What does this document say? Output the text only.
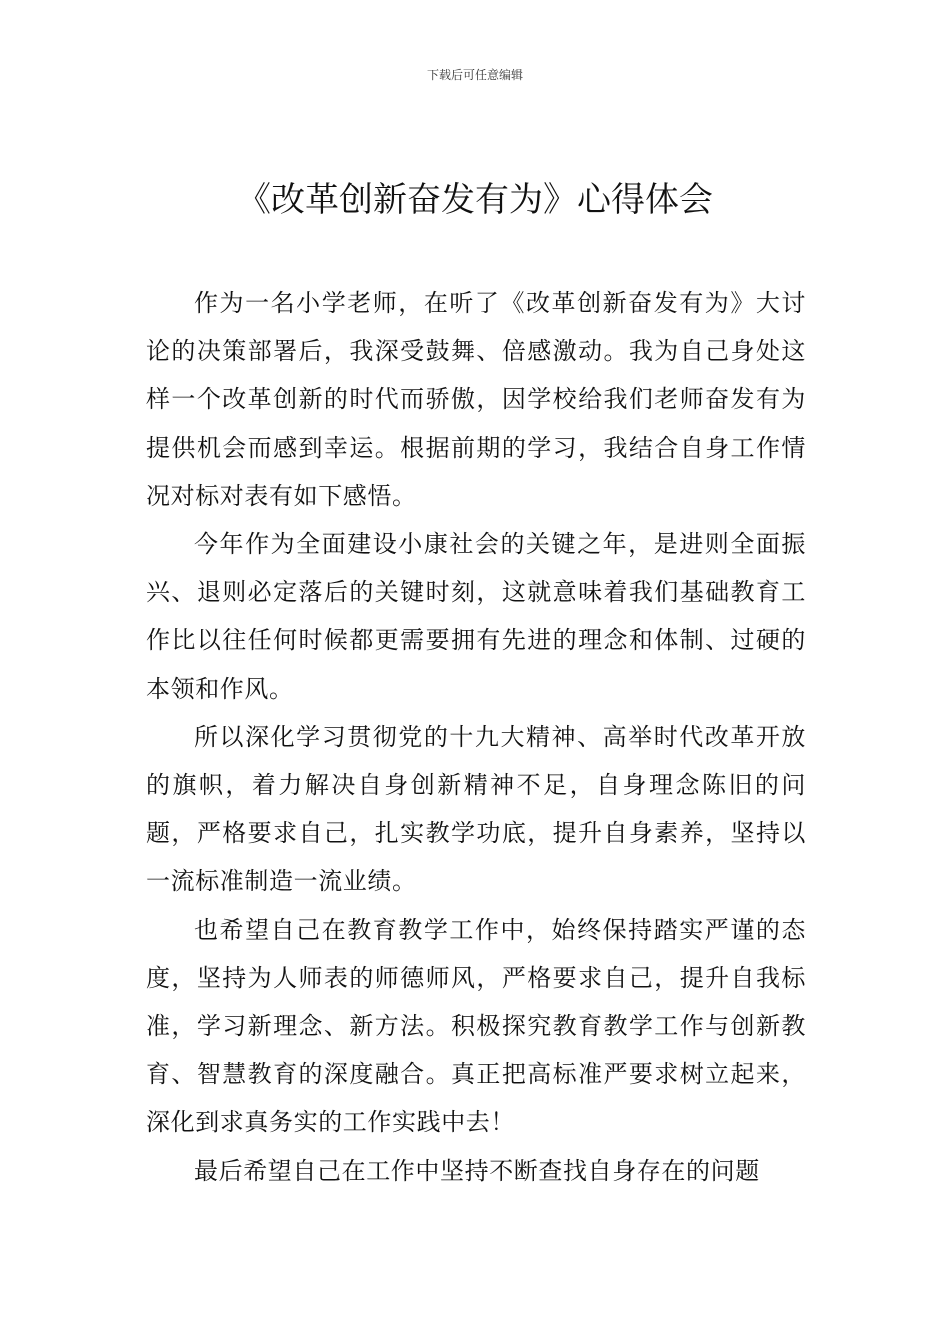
下载后可任意编辑
《改革创新奋发有为》心得体会

作为一名小学老师，在听了《改革创新奋发有为》大讨论的决策部署后，我深受鼓舞、倍感激动。我为自己身处这样一个改革创新的时代而骄傲，因学校给我们老师奋发有为提供机会而感到幸运。根据前期的学习，我结合自身工作情况对标对表有如下感悟。

今年作为全面建设小康社会的关键之年，是进则全面振兴、退则必定落后的关键时刻，这就意味着我们基础教育工作比以往任何时候都更需要拥有先进的理念和体制、过硬的本领和作风。

所以深化学习贯彻党的十九大精神、高举时代改革开放的旗帜，着力解决自身创新精神不足，自身理念陈旧的问题，严格要求自己，扎实教学功底，提升自身素养，坚持以一流标准制造一流业绩。

也希望自己在教育教学工作中，始终保持踏实严谨的态度，坚持为人师表的师德师风，严格要求自己，提升自我标准，学习新理念、新方法。积极探究教育教学工作与创新教育、智慧教育的深度融合。真正把高标准严要求树立起来，深化到求真务实的工作实践中去！

最后希望自己在工作中坚持不断查找自身存在的问题
